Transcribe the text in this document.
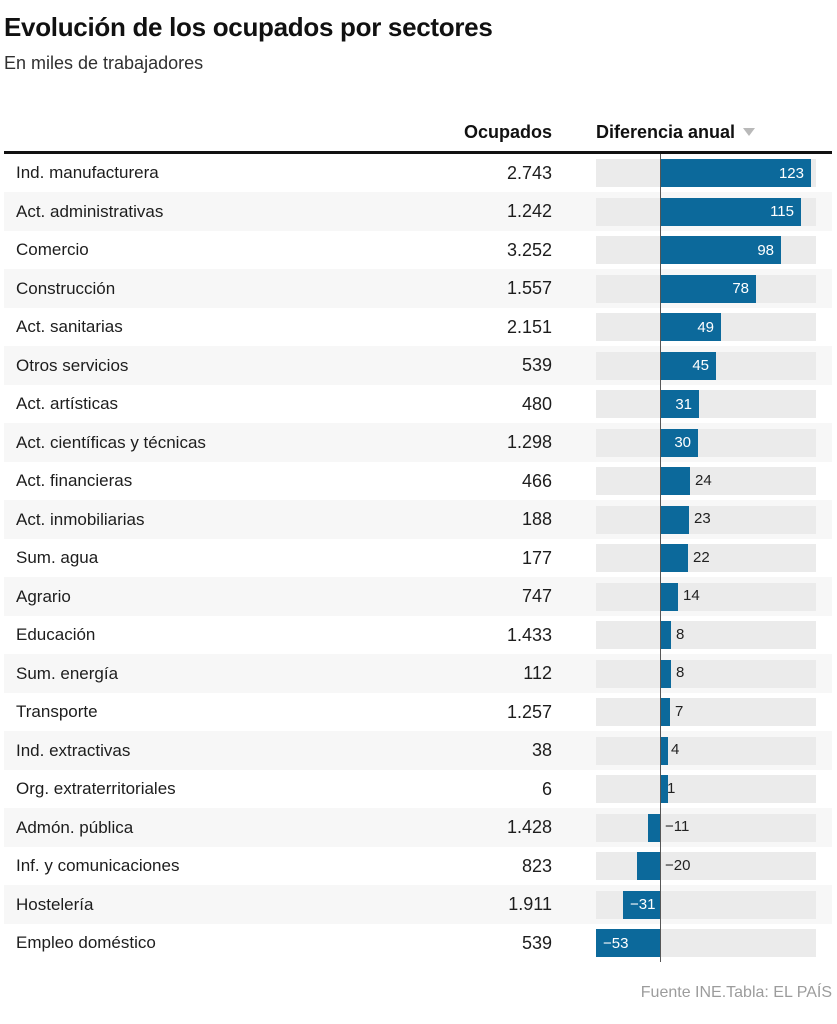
Evolución de los ocupados por sectores
En miles de trabajadores
Ocupados Diferencia anual
Ind. manufacturera	2.743	123
Act. administrativas	1.242	115
Comercio	3.252	98
Construcción	1.557	78
Act. sanitarias	2.151	49
Otros servicios	539	45
Act. artísticas	480	31
Act. científicas y técnicas	1.298	30
Act. financieras	466	24
Act. inmobiliarias	188	23
Sum. agua	177	22
Agrario	747	14
Educación	1.433	8
Sum. energía	112	8
Transporte	1.257	7
Ind. extractivas	38	4
Org. extraterritoriales	6	1
Admón. pública	1.428	−11
Inf. y comunicaciones	823	−20
Hostelería	1.911	−31
Empleo doméstico	539	−53
Fuente INE.Tabla: EL PAÍS
